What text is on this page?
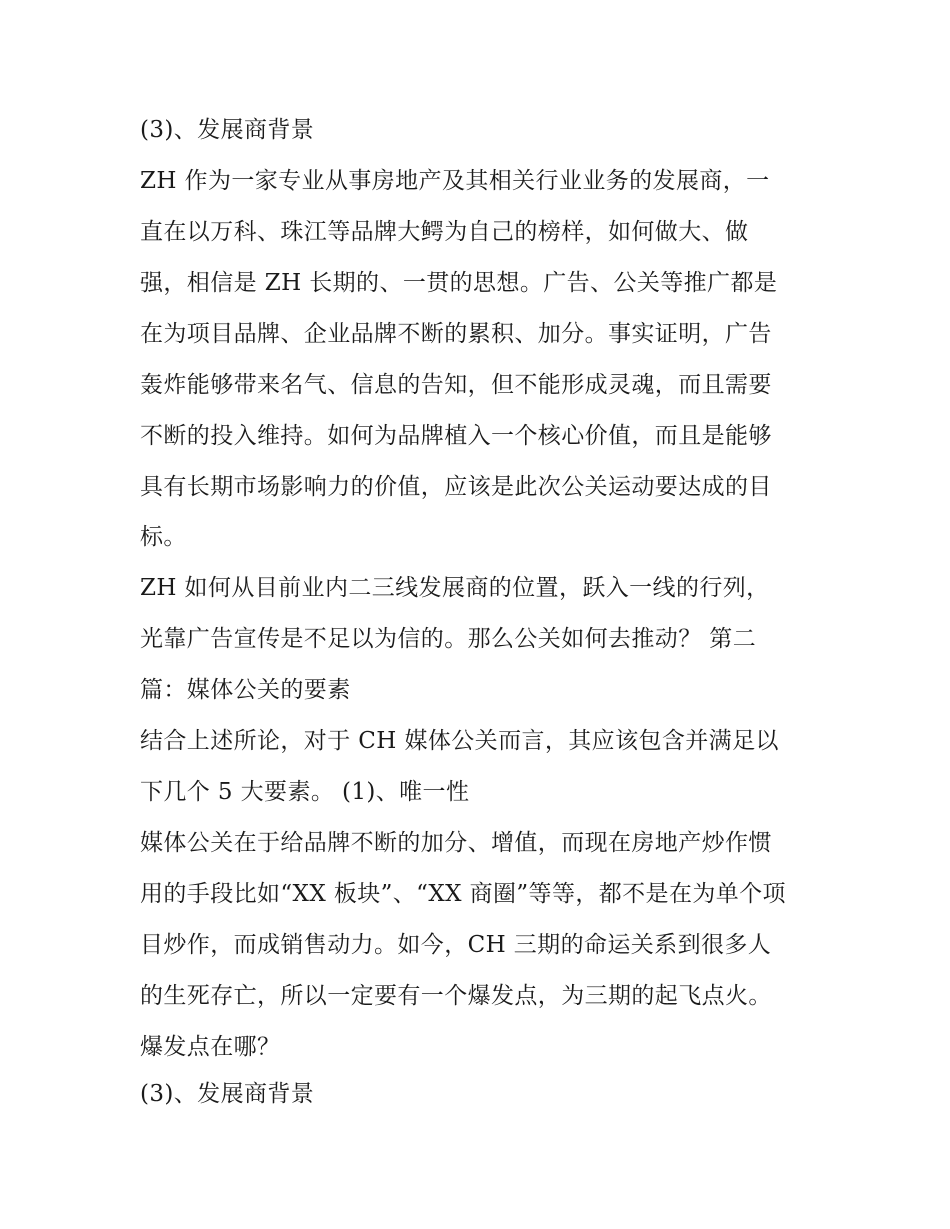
(3)、发展商背景
ZH 作为一家专业从事房地产及其相关行业业务的发展商，一
直在以万科、珠江等品牌大鳄为自己的榜样，如何做大、做
强，相信是 ZH 长期的、一贯的思想。广告、公关等推广都是
在为项目品牌、企业品牌不断的累积、加分。事实证明，广告
轰炸能够带来名气、信息的告知，但不能形成灵魂，而且需要
不断的投入维持。如何为品牌植入一个核心价值，而且是能够
具有长期市场影响力的价值，应该是此次公关运动要达成的目
标。
ZH 如何从目前业内二三线发展商的位置，跃入一线的行列，
光靠广告宣传是不足以为信的。那么公关如何去推动？ 第二
篇：媒体公关的要素
结合上述所论，对于 CH 媒体公关而言，其应该包含并满足以
下几个 5 大要素。 (1)、唯一性
媒体公关在于给品牌不断的加分、增值，而现在房地产炒作惯
用的手段比如“XX 板块”、“XX 商圈”等等，都不是在为单个项
目炒作，而成销售动力。如今，CH 三期的命运关系到很多人
的生死存亡，所以一定要有一个爆发点，为三期的起飞点火。
爆发点在哪？
(3)、发展商背景
